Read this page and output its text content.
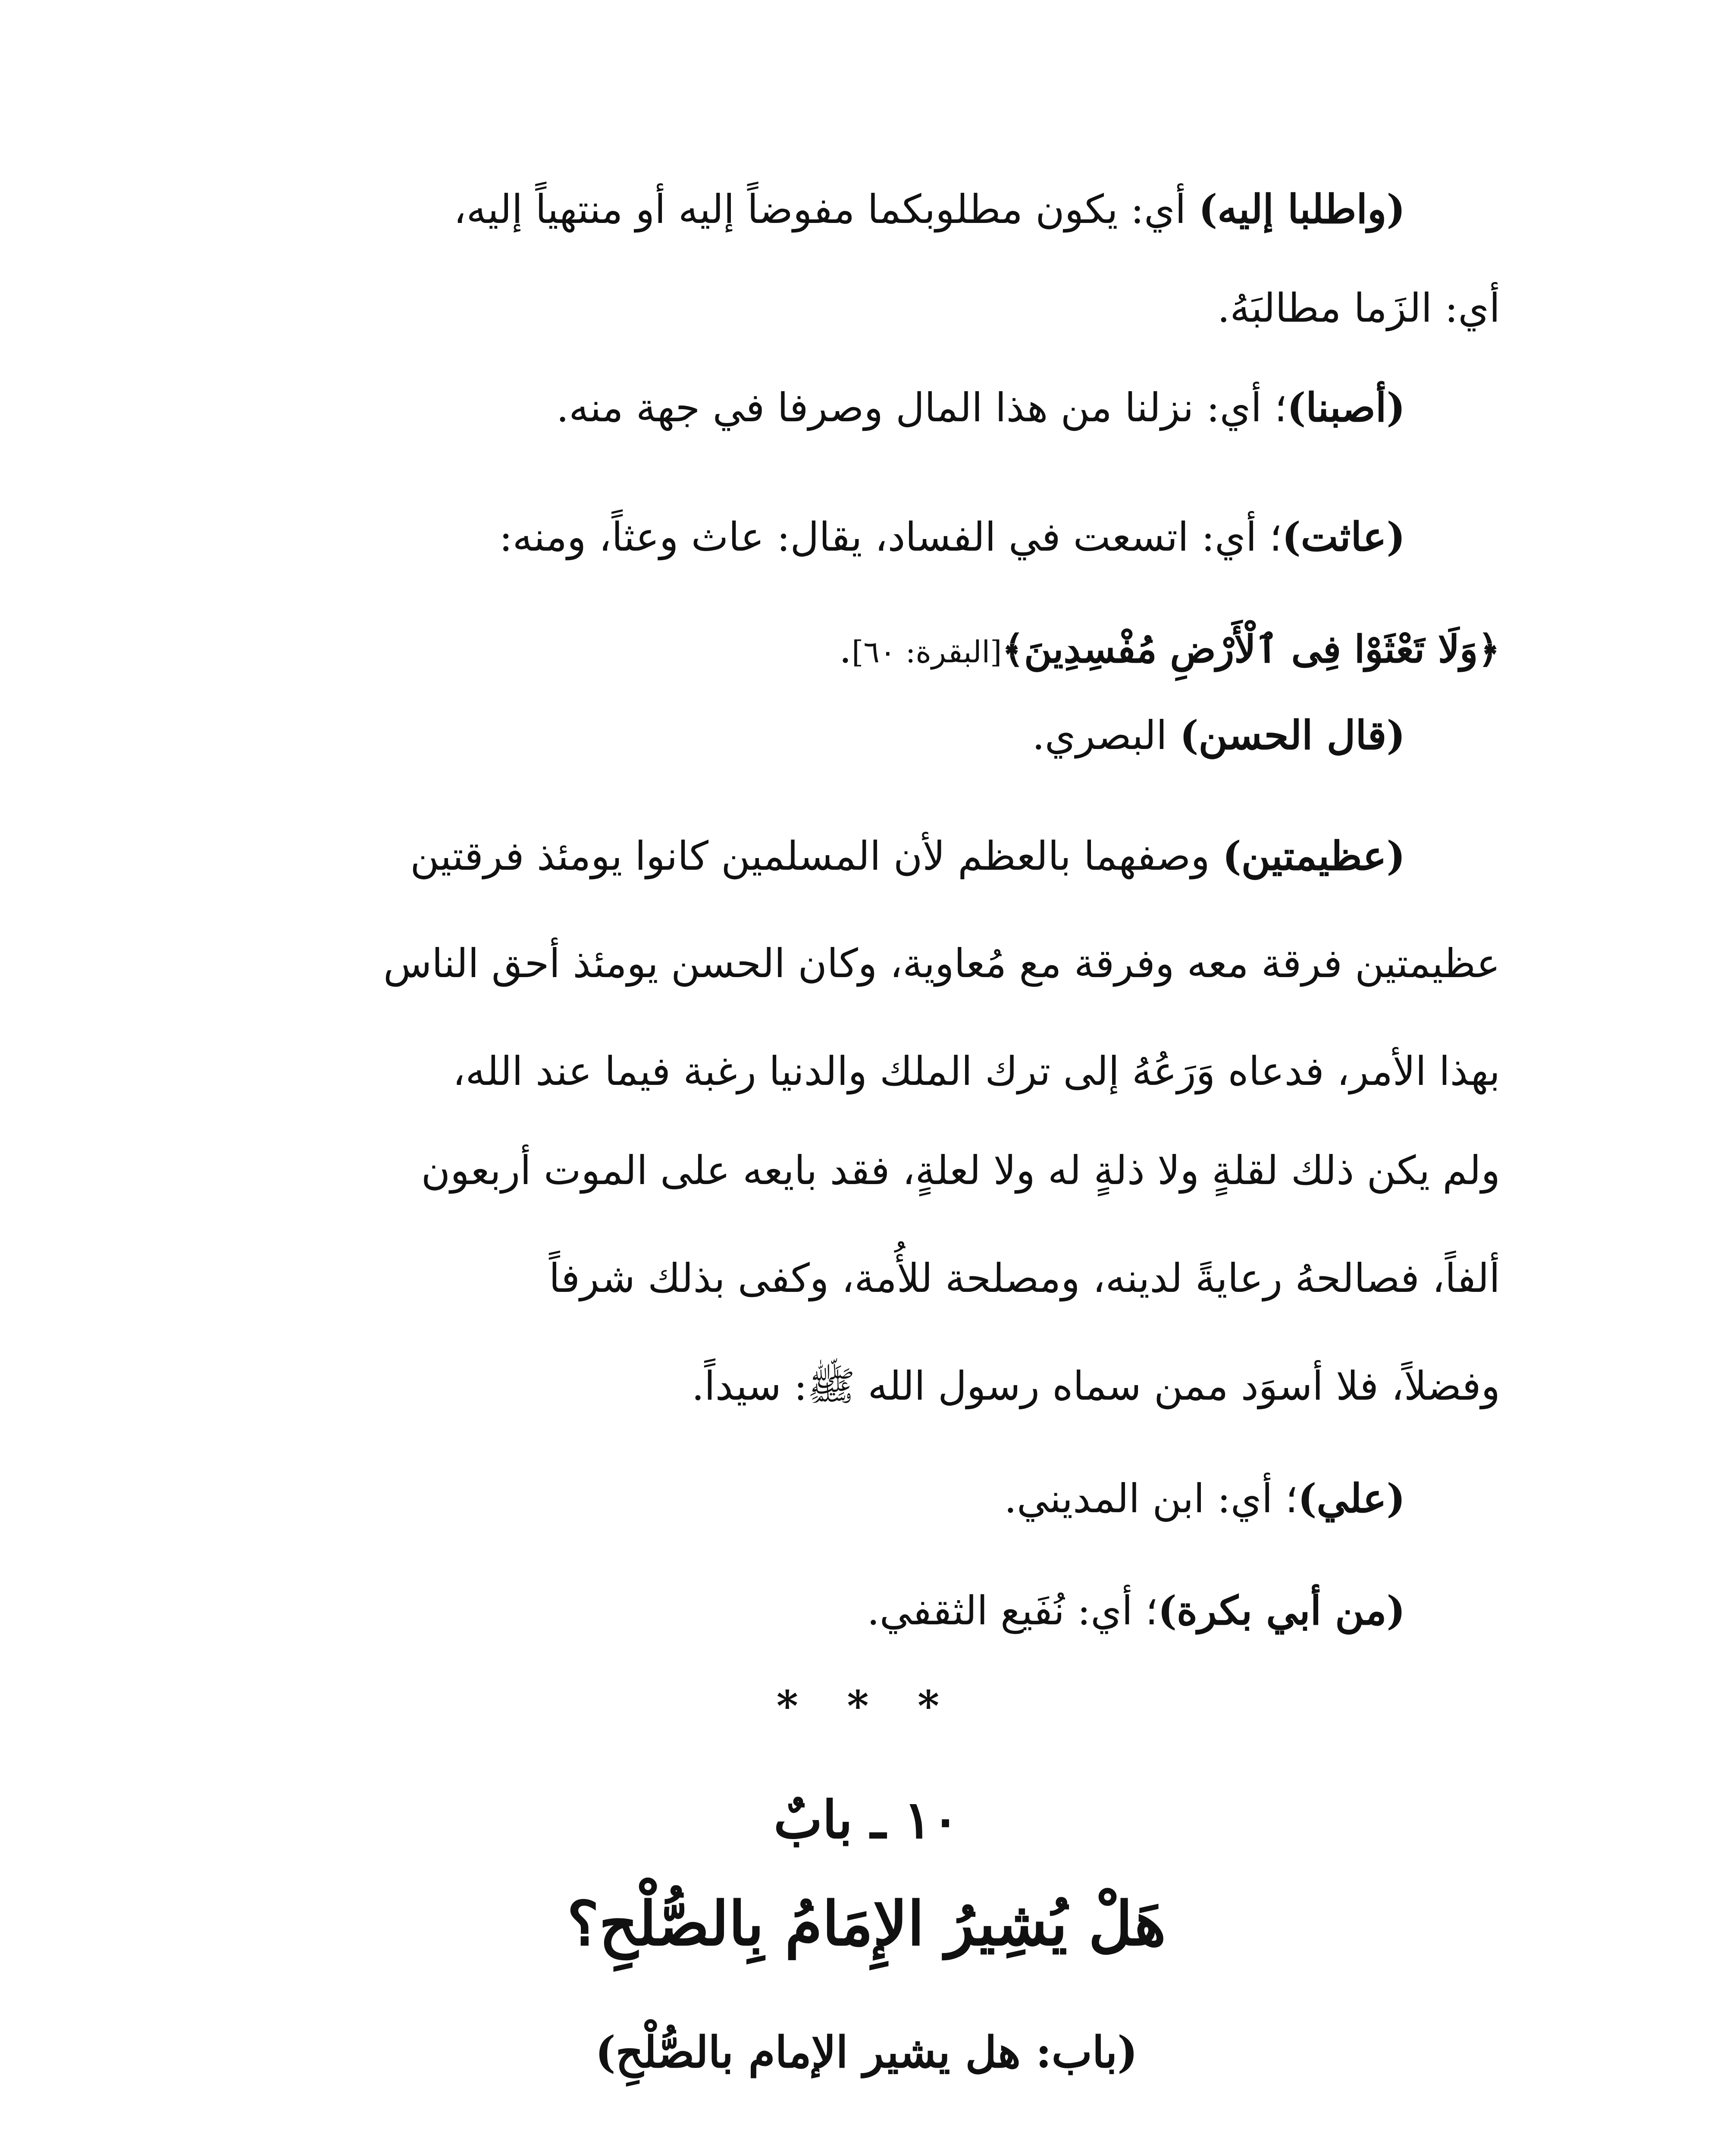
(واطلبا إليه) أي: يكون مطلوبكما مفوضاً إليه أو منتهياً إليه،
أي: الزَما مطالبَهُ.
(أصبنا)؛ أي: نزلنا من هذا المال وصرفا في جهة منه.
(عاثت)؛ أي: اتسعت في الفساد، يقال: عاث وعثاً، ومنه:
﴿وَلَا تَعْثَوْا فِى ٱلْأَرْضِ مُفْسِدِينَ﴾[البقرة: ٦٠].
(قال الحسن) البصري.
(عظيمتين) وصفهما بالعظم لأن المسلمين كانوا يومئذ فرقتين
عظيمتين فرقة معه وفرقة مع مُعاوية، وكان الحسن يومئذ أحق الناس
بهذا الأمر، فدعاه وَرَعُهُ إلى ترك الملك والدنيا رغبة فيما عند الله،
ولم يكن ذلك لقلةٍ ولا ذلةٍ له ولا لعلةٍ، فقد بايعه على الموت أربعون
ألفاً، فصالحهُ رعايةً لدينه، ومصلحة للأُمة، وكفى بذلك شرفاً
وفضلاً، فلا أسوَد ممن سماه رسول الله ﷺ: سيداً.
(علي)؛ أي: ابن المديني.
(من أبي بكرة)؛ أي: نُفَيع الثقفي.
* * *
١٠ ـ بابٌ
هَلْ يُشِيرُ الإِمَامُ بِالصُّلْحِ؟
(باب: هل يشير الإمام بالصُّلْحِ)
